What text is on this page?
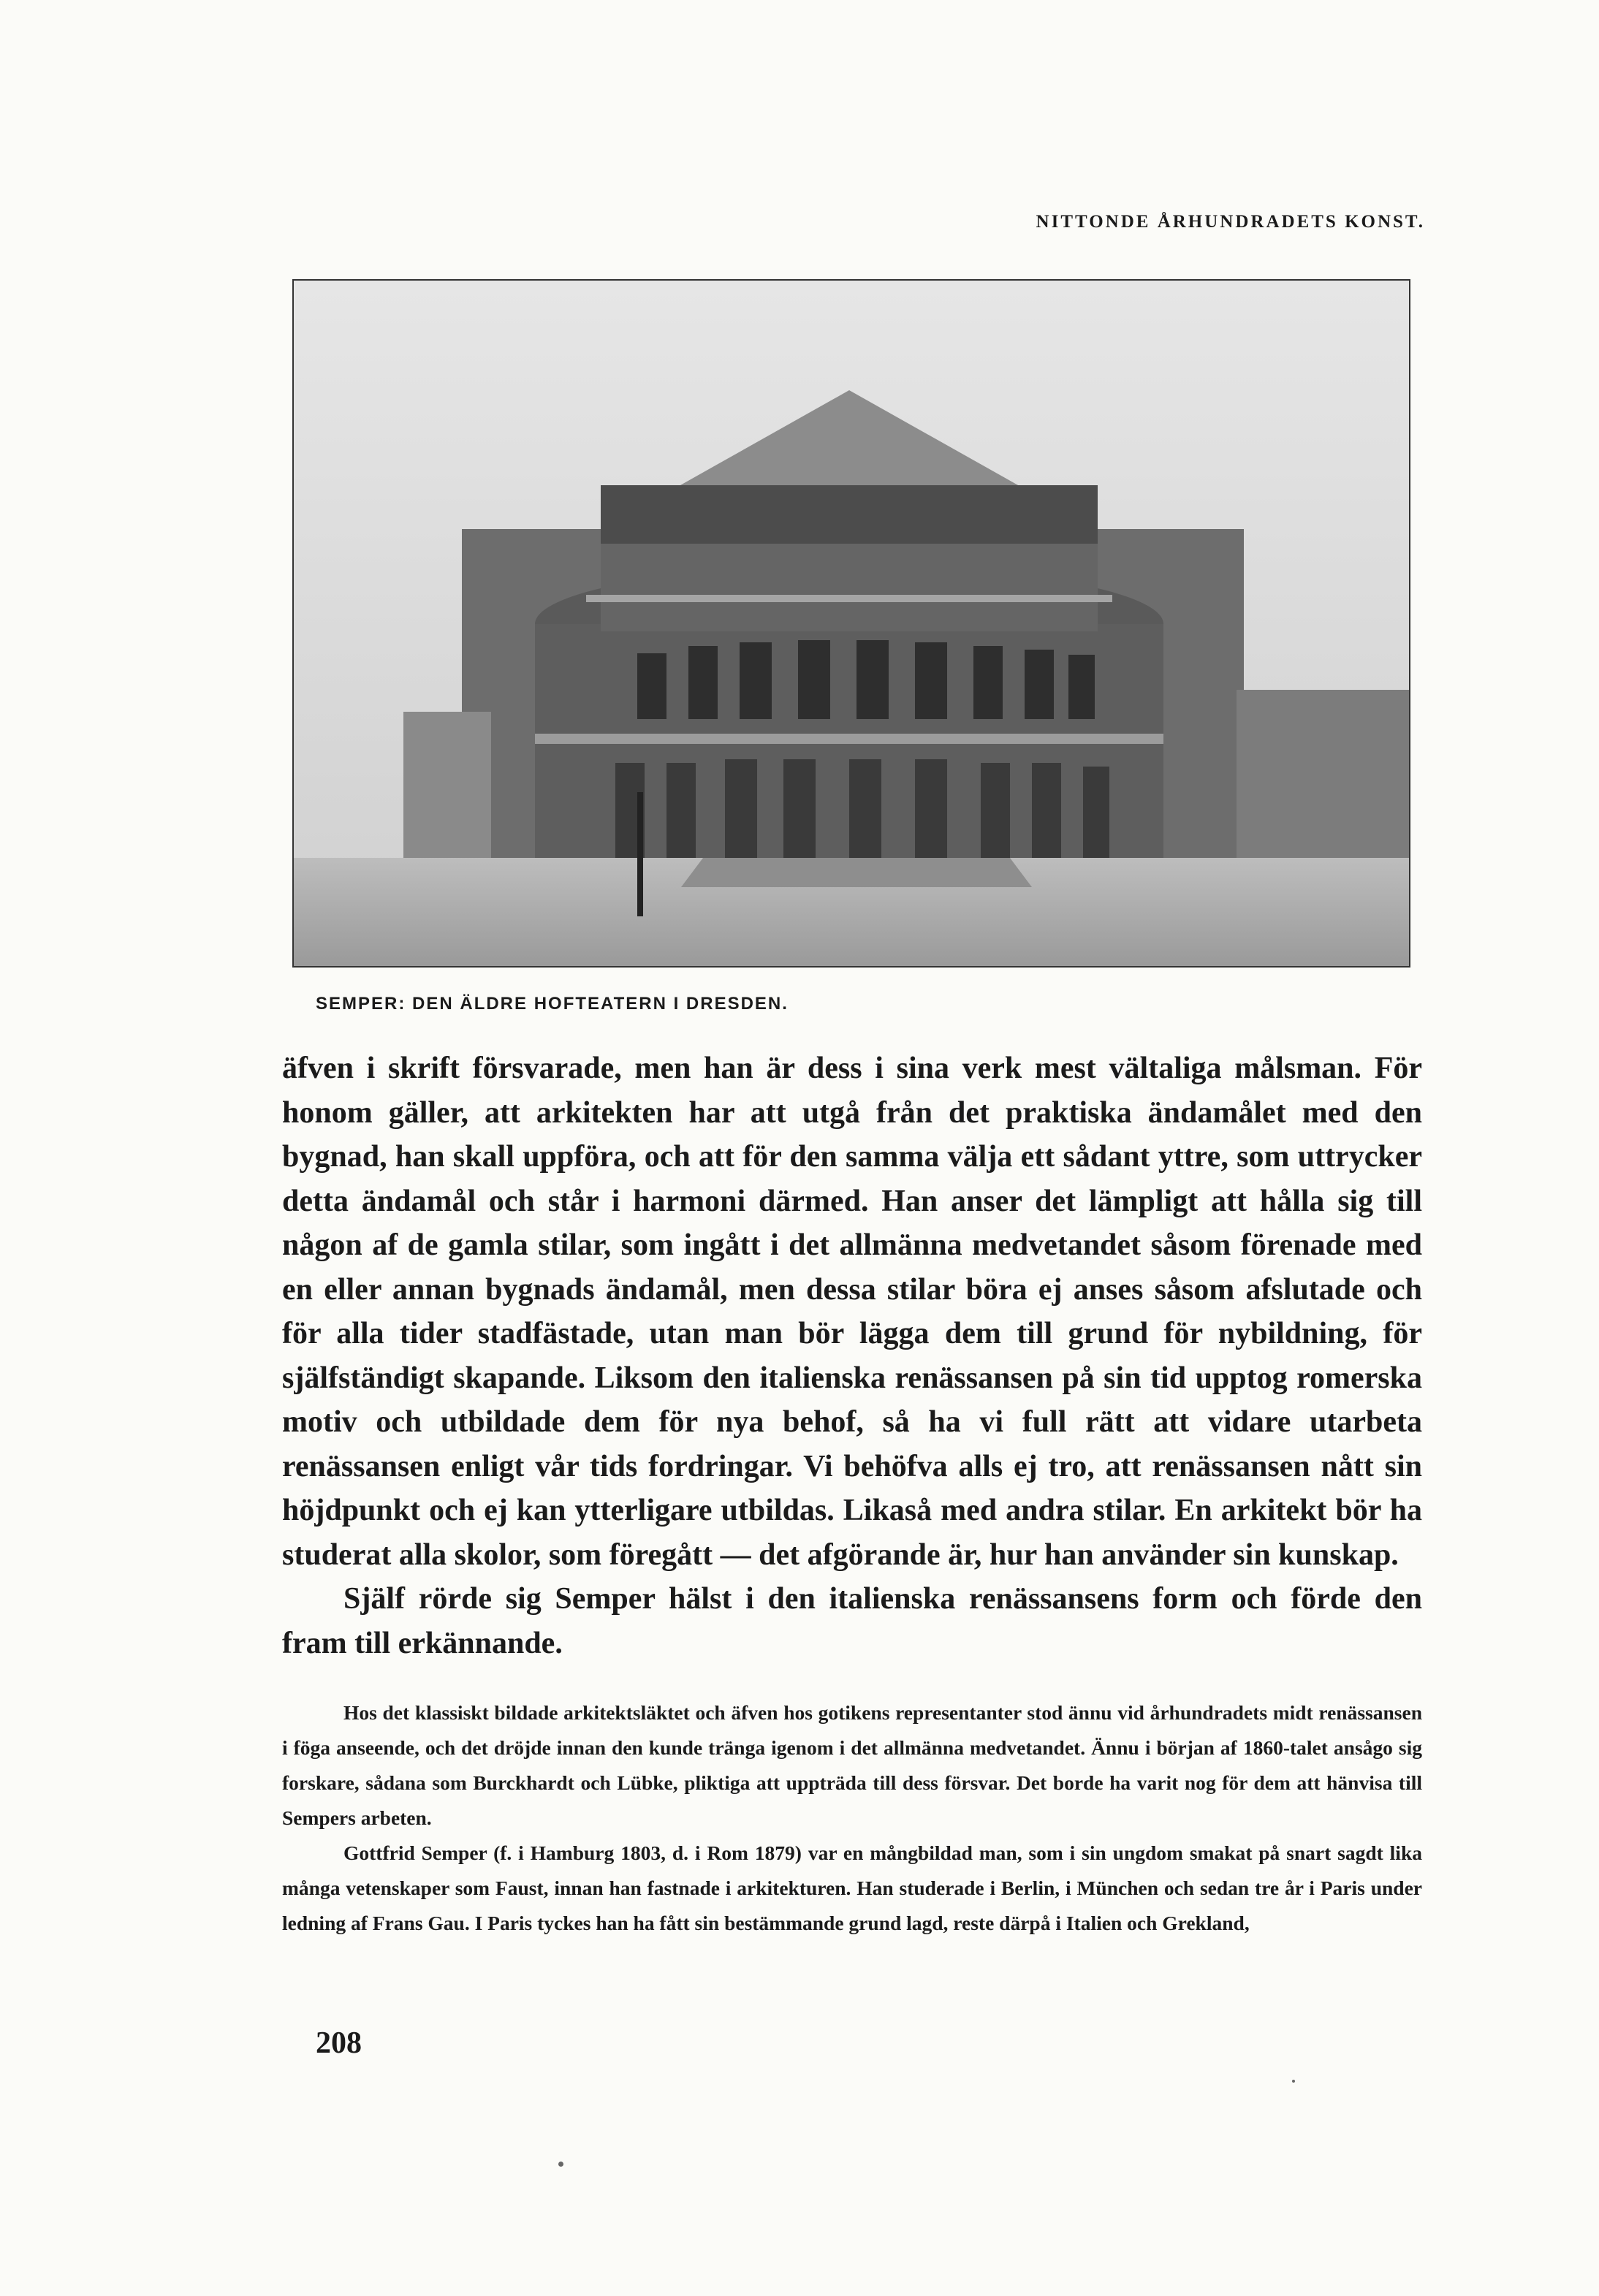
NITTONDE ÅRHUNDRADETS KONST.
SEMPER: DEN ÄLDRE HOFTEATERN I DRESDEN.

äfven i skrift försvarade, men han är dess i sina verk mest vältaliga målsman. För honom gäller, att arkitekten har att utgå från det praktiska ändamålet med den bygnad, han skall uppföra, och att för den samma välja ett sådant yttre, som uttrycker detta ändamål och står i harmoni därmed. Han anser det lämpligt att hålla sig till någon af de gamla stilar, som ingått i det allmänna medvetandet såsom förenade med en eller annan bygnads ändamål, men dessa stilar böra ej anses såsom afslutade och för alla tider stadfästade, utan man bör lägga dem till grund för nybildning, för själfständigt skapande. Liksom den italienska renässansen på sin tid upptog romerska motiv och utbildade dem för nya behof, så ha vi full rätt att vidare utarbeta renässansen enligt vår tids fordringar. Vi behöfva alls ej tro, att renässansen nått sin höjdpunkt och ej kan ytterligare utbildas. Likaså med andra stilar. En arkitekt bör ha studerat alla skolor, som föregått — det afgörande är, hur han använder sin kunskap.

Själf rörde sig Semper hälst i den italienska renässansens form och förde den fram till erkännande.

Hos det klassiskt bildade arkitektsläktet och äfven hos gotikens representanter stod ännu vid århundradets midt renässansen i föga anseende, och det dröjde innan den kunde tränga igenom i det allmänna medvetandet. Ännu i början af 1860-talet ansågo sig forskare, sådana som Burckhardt och Lübke, pliktiga att uppträda till dess försvar. Det borde ha varit nog för dem att hänvisa till Sempers arbeten.

Gottfrid Semper (f. i Hamburg 1803, d. i Rom 1879) var en mångbildad man, som i sin ungdom smakat på snart sagdt lika många vetenskaper som Faust, innan han fastnade i arkitekturen. Han studerade i Berlin, i München och sedan tre år i Paris under ledning af Frans Gau. I Paris tyckes han ha fått sin bestämmande grund lagd, reste därpå i Italien och Grekland,

208
